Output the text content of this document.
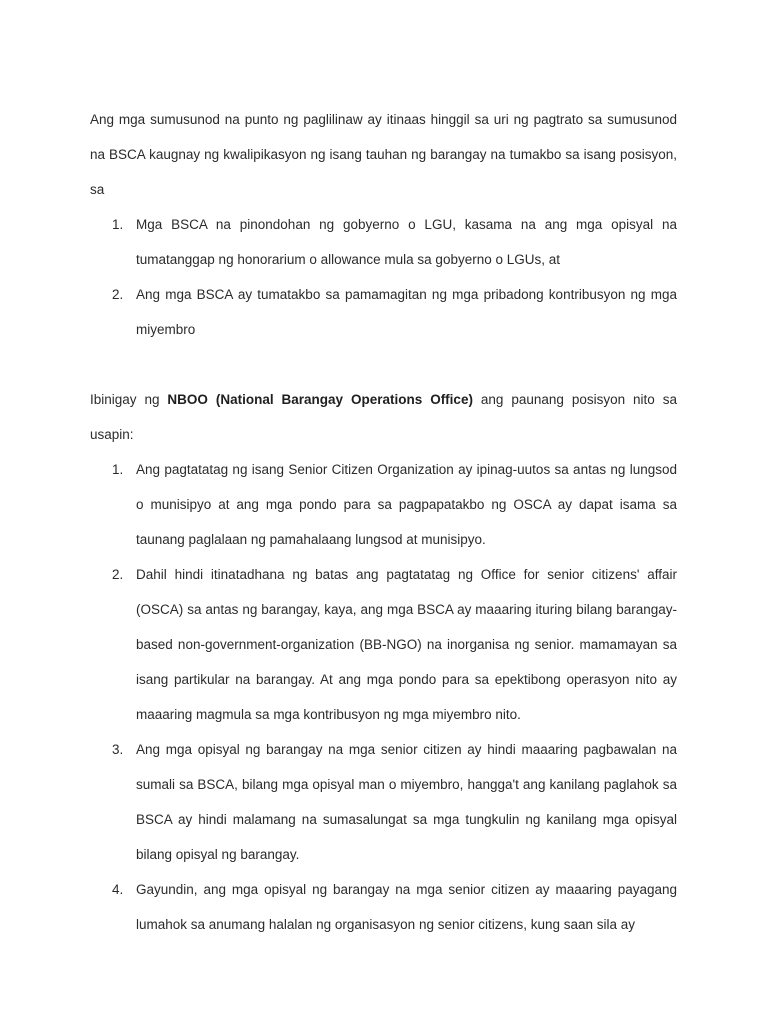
Ang mga sumusunod na punto ng paglilinaw ay itinaas hinggil sa uri ng pagtrato sa sumusunod na BSCA kaugnay ng kwalipikasyon ng isang tauhan ng barangay na tumakbo sa isang posisyon, sa

1. Mga BSCA na pinondohan ng gobyerno o LGU, kasama na ang mga opisyal na tumatanggap ng honorarium o allowance mula sa gobyerno o LGUs, at
2. Ang mga BSCA ay tumatakbo sa pamamagitan ng mga pribadong kontribusyon ng mga miyembro

Ibinigay ng NBOO (National Barangay Operations Office) ang paunang posisyon nito sa usapin:

1. Ang pagtatatag ng isang Senior Citizen Organization ay ipinag-uutos sa antas ng lungsod o munisipyo at ang mga pondo para sa pagpapatakbo ng OSCA ay dapat isama sa taunang paglalaan ng pamahalaang lungsod at munisipyo.
2. Dahil hindi itinatadhana ng batas ang pagtatatag ng Office for senior citizens' affair (OSCA) sa antas ng barangay, kaya, ang mga BSCA ay maaaring ituring bilang barangay-based non-government-organization (BB-NGO) na inorganisa ng senior. mamamayan sa isang partikular na barangay. At ang mga pondo para sa epektibong operasyon nito ay maaaring magmula sa mga kontribusyon ng mga miyembro nito.
3. Ang mga opisyal ng barangay na mga senior citizen ay hindi maaaring pagbawalan na sumali sa BSCA, bilang mga opisyal man o miyembro, hangga't ang kanilang paglahok sa BSCA ay hindi malamang na sumasalungat sa mga tungkulin ng kanilang mga opisyal bilang opisyal ng barangay.
4. Gayundin, ang mga opisyal ng barangay na mga senior citizen ay maaaring payagang lumahok sa anumang halalan ng organisasyon ng senior citizens, kung saan sila ay
